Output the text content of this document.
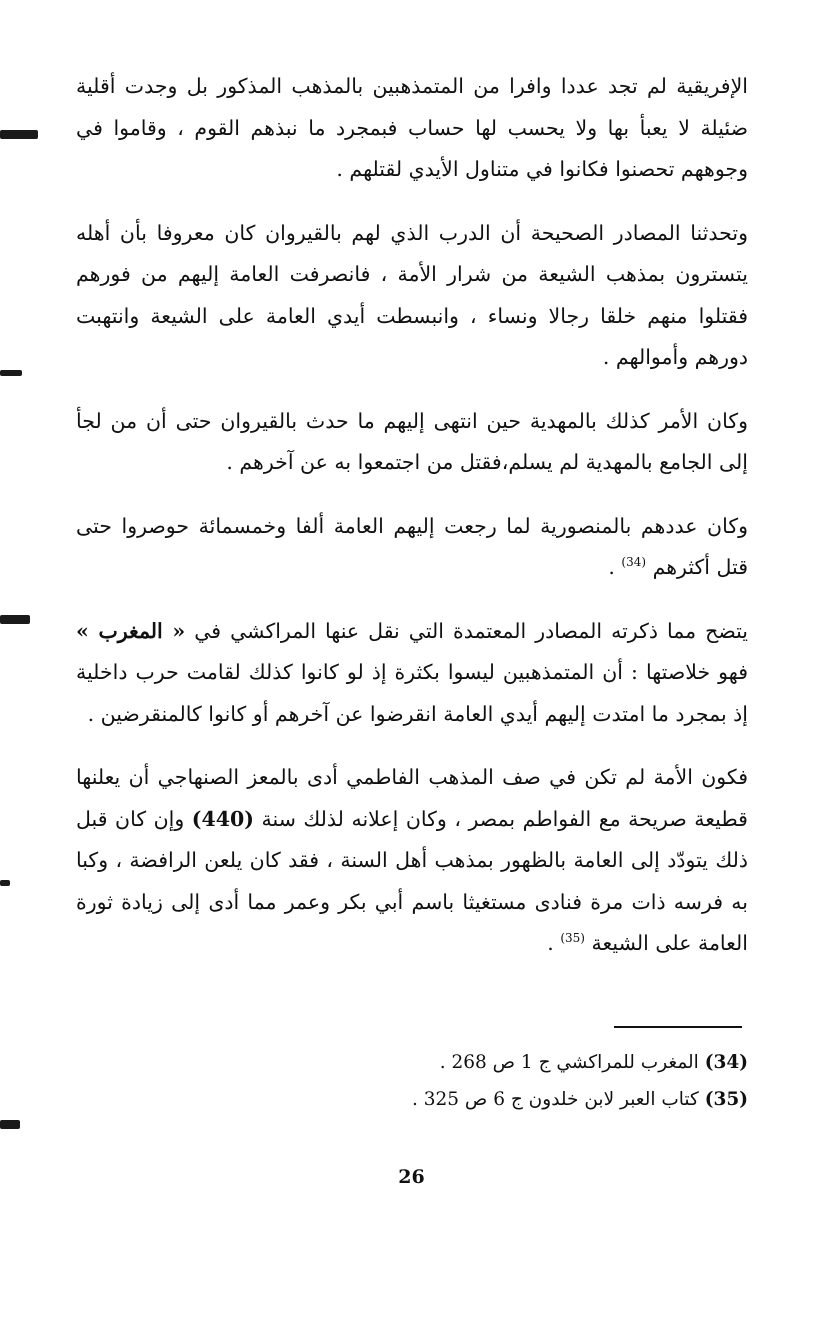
الإفريقية لم تجد عددا وافرا من المتمذهبين بالمذهب المذكور بل وجدت أقلية ضئيلة لا يعبأ بها ولا يحسب لها حساب فبمجرد ما نبذهم القوم ، وقاموا في وجوههم تحصنوا فكانوا في متناول الأيدي لقتلهم .

وتحدثنا المصادر الصحيحة أن الدرب الذي لهم بالقيروان كان معروفا بأن أهله يتسترون بمذهب الشيعة من شرار الأمة ، فانصرفت العامة إليهم من فورهم فقتلوا منهم خلقا رجالا ونساء ، وانبسطت أيدي العامة على الشيعة وانتهبت دورهم وأموالهم .

وكان الأمر كذلك بالمهدية حين انتهى إليهم ما حدث بالقيروان حتى أن من لجأ إلى الجامع بالمهدية لم يسلم،فقتل من اجتمعوا به عن آخرهم .

وكان عددهم بالمنصورية لما رجعت إليهم العامة ألفا وخمسمائة حوصروا حتى قتل أكثرهم $^{(34)}$ .

يتضح مما ذكرته المصادر المعتمدة التي نقل عنها المراكشي في « المغرب » فهو خلاصتها : أن المتمذهبين ليسوا بكثرة إذ لو كانوا كذلك لقامت حرب داخلية إذ بمجرد ما امتدت إليهم أيدي العامة انقرضوا عن آخرهم أو كانوا كالمنقرضين .

فكون الأمة لم تكن في صف المذهب الفاطمي أدى بالمعز الصنهاجي أن يعلنها قطيعة صريحة مع الفواطم بمصر ، وكان إعلانه لذلك سنة (440) وإن كان قبل ذلك يتودّد إلى العامة بالظهور بمذهب أهل السنة ، فقد كان يلعن الرافضة ، وكبا به فرسه ذات مرة فنادى مستغيثا باسم أبي بكر وعمر مما أدى إلى زيادة ثورة العامة على الشيعة $^{(35)}$ .

(34) المغرب للمراكشي ج 1 ص 268 .
(35) كتاب العبر لابن خلدون ج 6 ص 325 .
26
